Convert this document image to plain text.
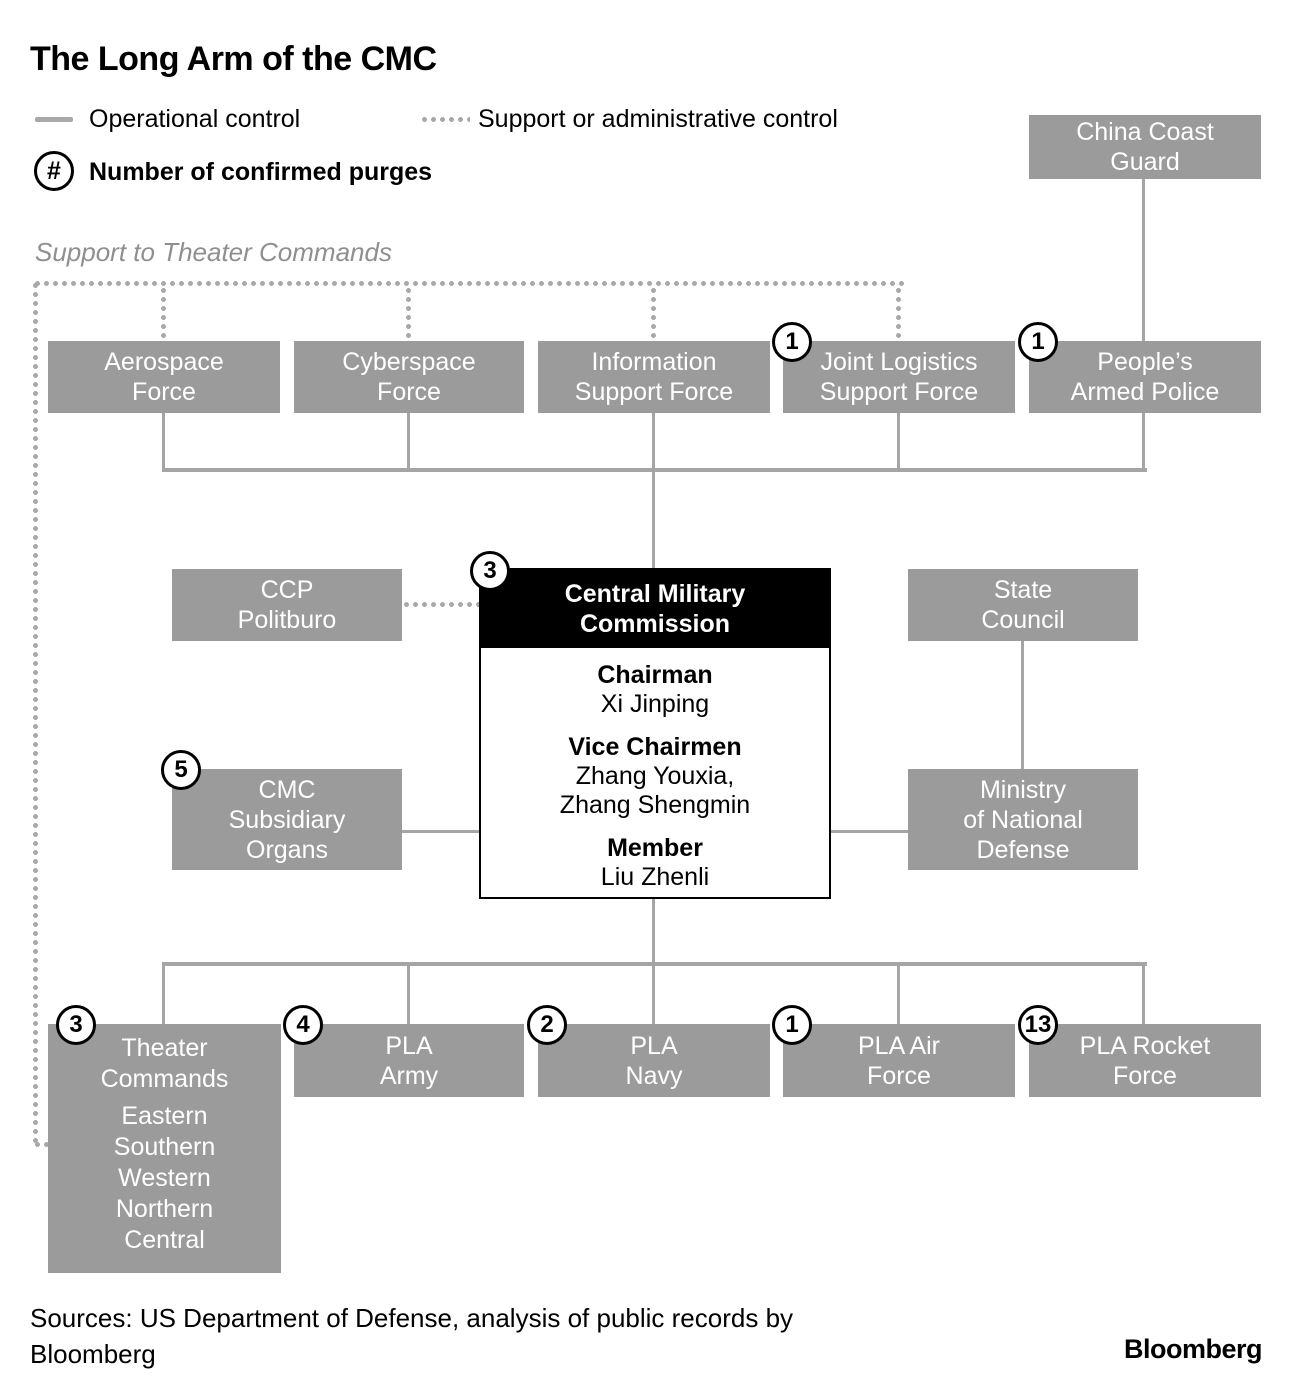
The Long Arm of the CMC
Operational control	Support or administrative control
# Number of confirmed purges
Support to Theater Commands
China Coast
Guard
Aerospace
Force
Cyberspace
Force
Information
Support Force
1
Joint Logistics
Support Force
1
People’s
Armed Police
CCP
Politburo
State
Council
3
Central Military
Commission
Chairman
Xi Jinping
Vice Chairmen
Zhang Youxia,
Zhang Shengmin
Member
Liu Zhenli
5
CMC
Subsidiary
Organs
Ministry
of National
Defense
3
Theater
Commands
Eastern
Southern
Western
Northern
Central
4
PLA
Army
2
PLA
Navy
1
PLA Air
Force
13
PLA Rocket
Force
Sources: US Department of Defense, analysis of public records by
Bloomberg	Bloomberg
